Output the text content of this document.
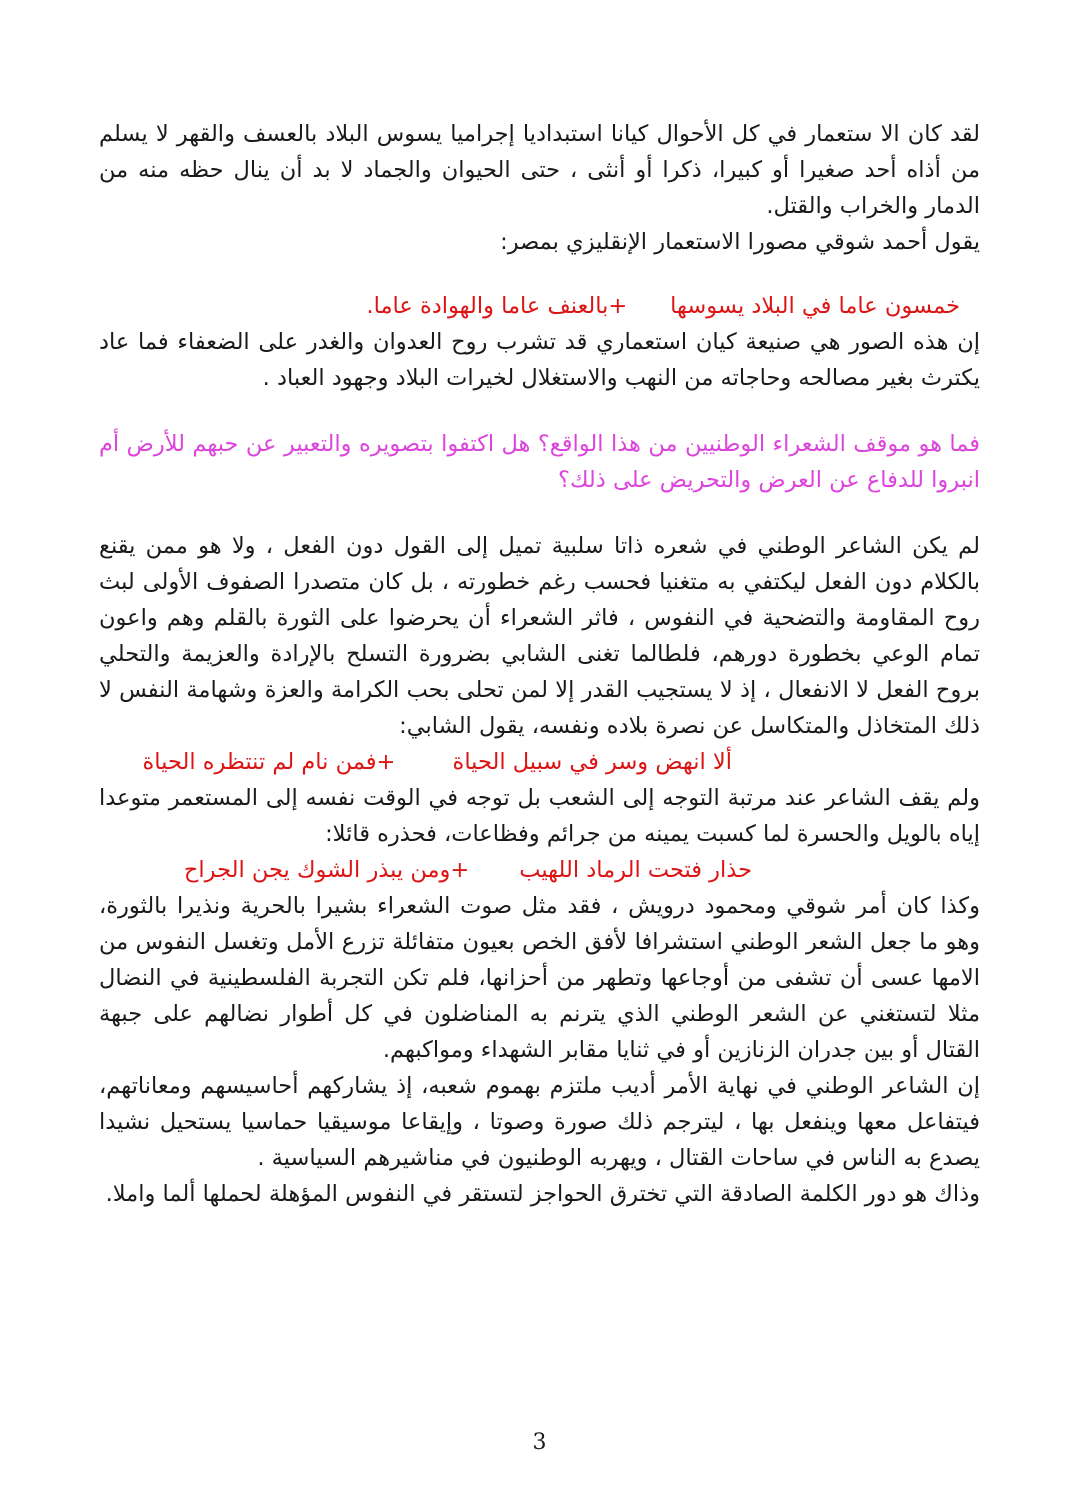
لقد كان الا ستعمار في كل الأحوال كيانا استبداديا إجراميا يسوس البلاد بالعسف والقهر لا يسلم من أذاه أحد صغيرا أو كبيرا، ذكرا أو أنثى ، حتى الحيوان والجماد لا بد أن ينال حظه منه من الدمار والخراب والقتل.

يقول أحمد شوقي مصورا الاستعمار الإنقليزي بمصر:

خمسون عاما في البلاد يسوسها      +بالعنف عاما والهوادة عاما.

إن هذه الصور هي صنيعة كيان استعماري قد تشرب روح العدوان والغدر على الضعفاء فما عاد يكترث بغير مصالحه وحاجاته من النهب والاستغلال لخيرات البلاد وجهود العباد .

فما هو موقف الشعراء الوطنيين من هذا الواقع؟ هل اكتفوا بتصويره والتعبير عن حبهم للأرض أم انبروا للدفاع عن العرض والتحريض على ذلك؟

لم يكن الشاعر الوطني في شعره ذاتا سلبية تميل إلى القول دون الفعل ، ولا هو ممن يقنع بالكلام دون الفعل ليكتفي به متغنيا فحسب رغم خطورته ، بل كان متصدرا الصفوف الأولى لبث روح المقاومة والتضحية في النفوس ، فاثر الشعراء أن يحرضوا على الثورة بالقلم وهم واعون تمام الوعي بخطورة دورهم، فلطالما تغنى الشابي بضرورة التسلح بالإرادة والعزيمة والتحلي بروح الفعل لا الانفعال ، إذ لا يستجيب القدر إلا لمن تحلى بحب الكرامة والعزة وشهامة النفس لا ذلك المتخاذل والمتكاسل عن نصرة بلاده ونفسه، يقول الشابي:

ألا انهض وسر في سبيل الحياة        +فمن نام لم تنتظره الحياة

ولم يقف الشاعر عند مرتبة التوجه إلى الشعب بل توجه في الوقت نفسه إلى المستعمر متوعدا إياه بالويل والحسرة لما كسبت يمينه من جرائم وفظاعات، فحذره قائلا:

حذار فتحت الرماد اللهيب       +ومن يبذر الشوك يجن الجراح

وكذا كان أمر شوقي ومحمود درويش ، فقد مثل صوت الشعراء بشيرا بالحرية ونذيرا بالثورة، وهو ما جعل الشعر الوطني استشرافا لأفق الخص بعيون متفائلة تزرع الأمل وتغسل النفوس من الامها عسى أن تشفى من أوجاعها وتطهر من أحزانها، فلم تكن التجربة الفلسطينية في النضال مثلا لتستغني عن الشعر الوطني الذي يترنم به المناضلون في كل أطوار نضالهم على جبهة القتال أو بين جدران الزنازين أو في ثنايا مقابر الشهداء ومواكبهم.

إن الشاعر الوطني في نهاية الأمر أديب ملتزم بهموم شعبه، إذ يشاركهم أحاسيسهم ومعاناتهم، فيتفاعل معها وينفعل بها ، ليترجم ذلك صورة وصوتا ، وإيقاعا موسيقيا حماسيا يستحيل نشيدا يصدع به الناس في ساحات القتال ، ويهربه الوطنيون في مناشيرهم السياسية .

وذاك هو دور الكلمة الصادقة التي تخترق الحواجز لتستقر في النفوس المؤهلة لحملها ألما واملا.

3
